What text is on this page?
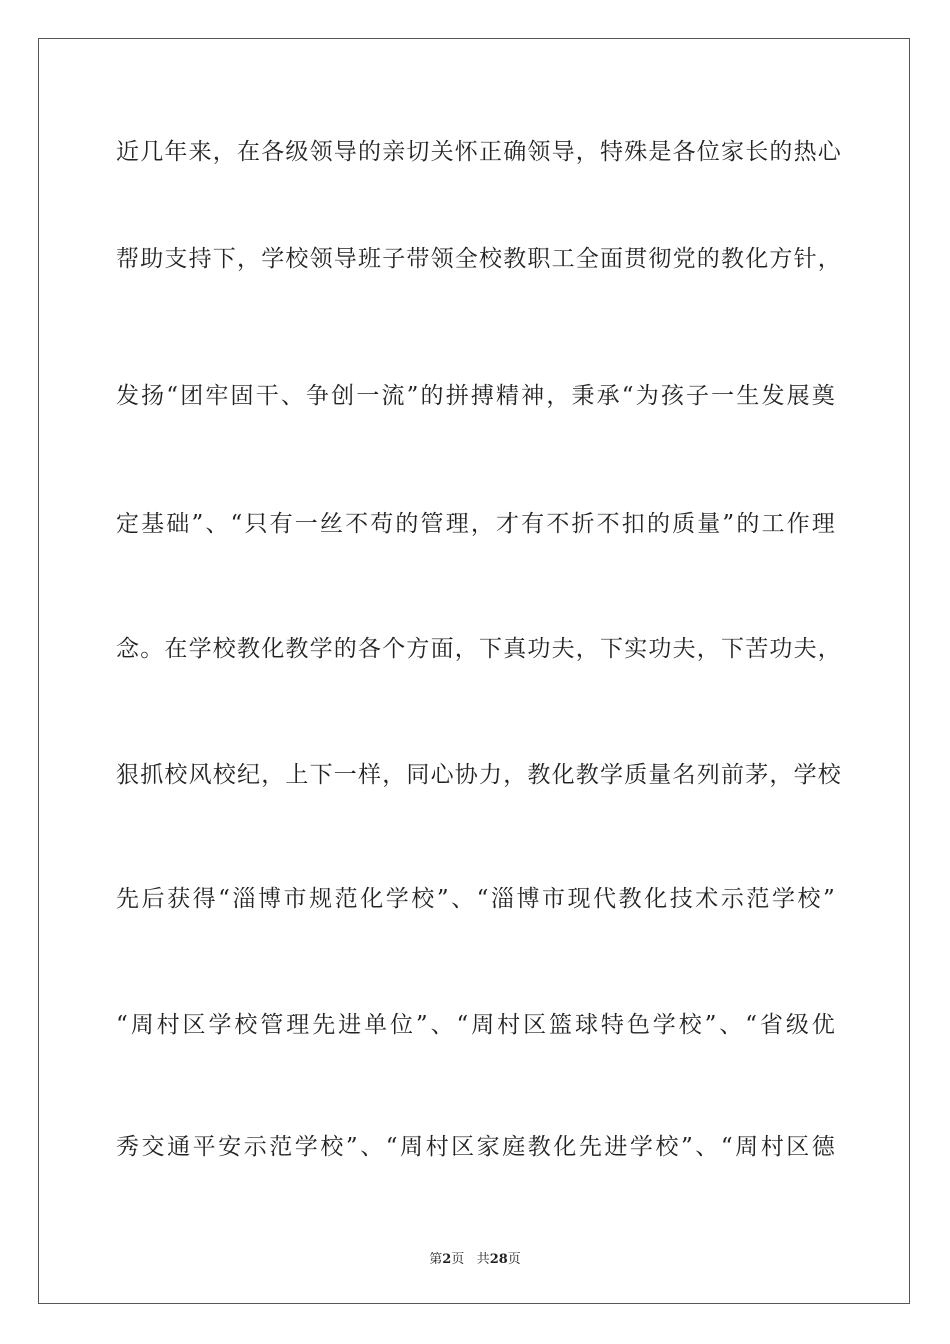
近几年来，在各级领导的亲切关怀正确领导，特殊是各位家长的热心
帮助支持下，学校领导班子带领全校教职工全面贯彻党的教化方针，
发扬“团牢固干、争创一流”的拼搏精神，秉承“为孩子一生发展奠
定基础”、“只有一丝不苟的管理，才有不折不扣的质量”的工作理
念。在学校教化教学的各个方面，下真功夫，下实功夫，下苦功夫，
狠抓校风校纪，上下一样，同心协力，教化教学质量名列前茅，学校
先后获得“淄博市规范化学校”、“淄博市现代教化技术示范学校”
“周村区学校管理先进单位”、“周村区篮球特色学校”、“省级优
秀交通平安示范学校”、“周村区家庭教化先进学校”、“周村区德
第2页 共28页
